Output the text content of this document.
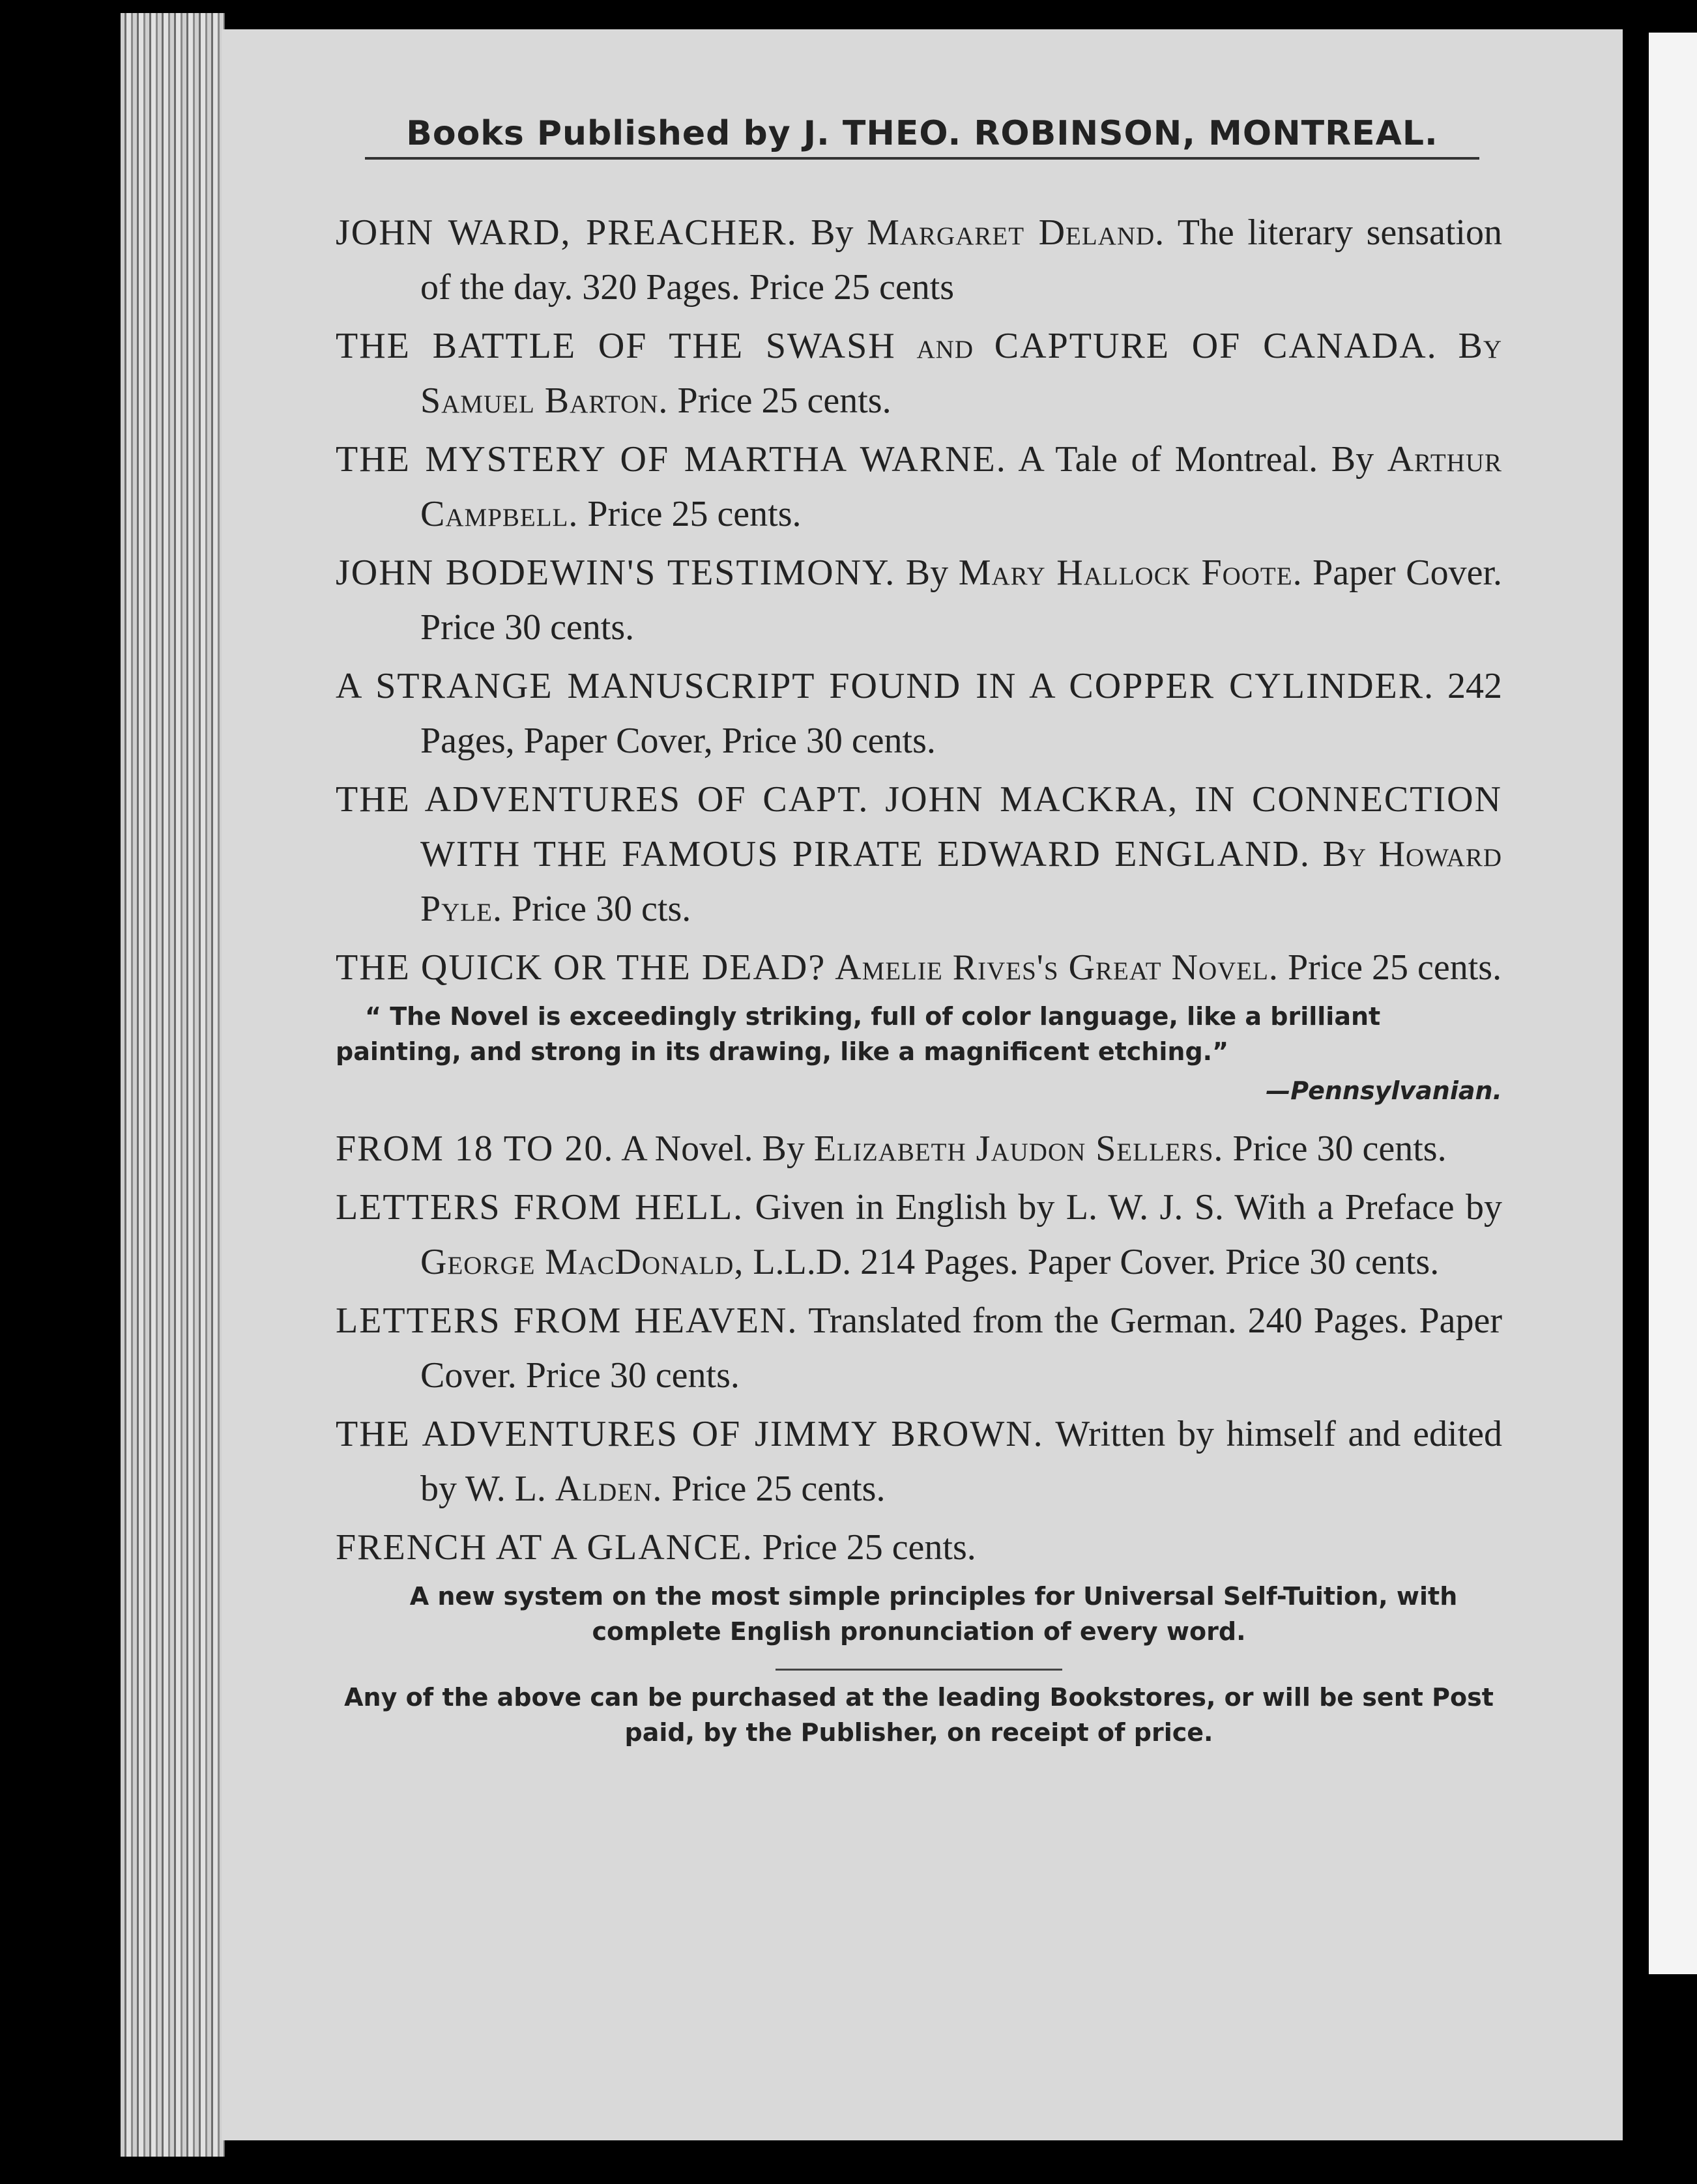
Books Published by J. THEO. ROBINSON, MONTREAL.
JOHN WARD, PREACHER. By Margaret Deland. The literary sensation of the day. 320 Pages. Price 25 cents
THE BATTLE OF THE SWASH and CAPTURE OF CANADA. By Samuel Barton. Price 25 cents.
THE MYSTERY OF MARTHA WARNE. A Tale of Montreal. By Arthur Campbell. Price 25 cents.
JOHN BODEWIN'S TESTIMONY. By Mary Hallock Foote. Paper Cover. Price 30 cents.
A STRANGE MANUSCRIPT FOUND IN A COPPER CYLINDER. 242 Pages, Paper Cover, Price 30 cents.
THE ADVENTURES OF CAPT. JOHN MACKRA, IN CONNECTION WITH THE FAMOUS PIRATE EDWARD ENGLAND. By Howard Pyle. Price 30 cts.
THE QUICK OR THE DEAD? Amelie Rives's Great Novel. Price 25 cents.
“ The Novel is exceedingly striking, full of color language, like a brilliant painting, and strong in its drawing, like a magnificent etching.”
—Pennsylvanian.
FROM 18 TO 20. A Novel. By Elizabeth Jaudon Sellers. Price 30 cents.
LETTERS FROM HELL. Given in English by L. W. J. S. With a Preface by George MacDonald, L.L.D. 214 Pages. Paper Cover. Price 30 cents.
LETTERS FROM HEAVEN. Translated from the German. 240 Pages. Paper Cover. Price 30 cents.
THE ADVENTURES OF JIMMY BROWN. Written by himself and edited by W. L. Alden. Price 25 cents.
FRENCH AT A GLANCE. Price 25 cents.
A new system on the most simple principles for Universal Self-Tuition, with complete English pronunciation of every word.
Any of the above can be purchased at the leading Bookstores, or will be sent Post paid, by the Publisher, on receipt of price.
